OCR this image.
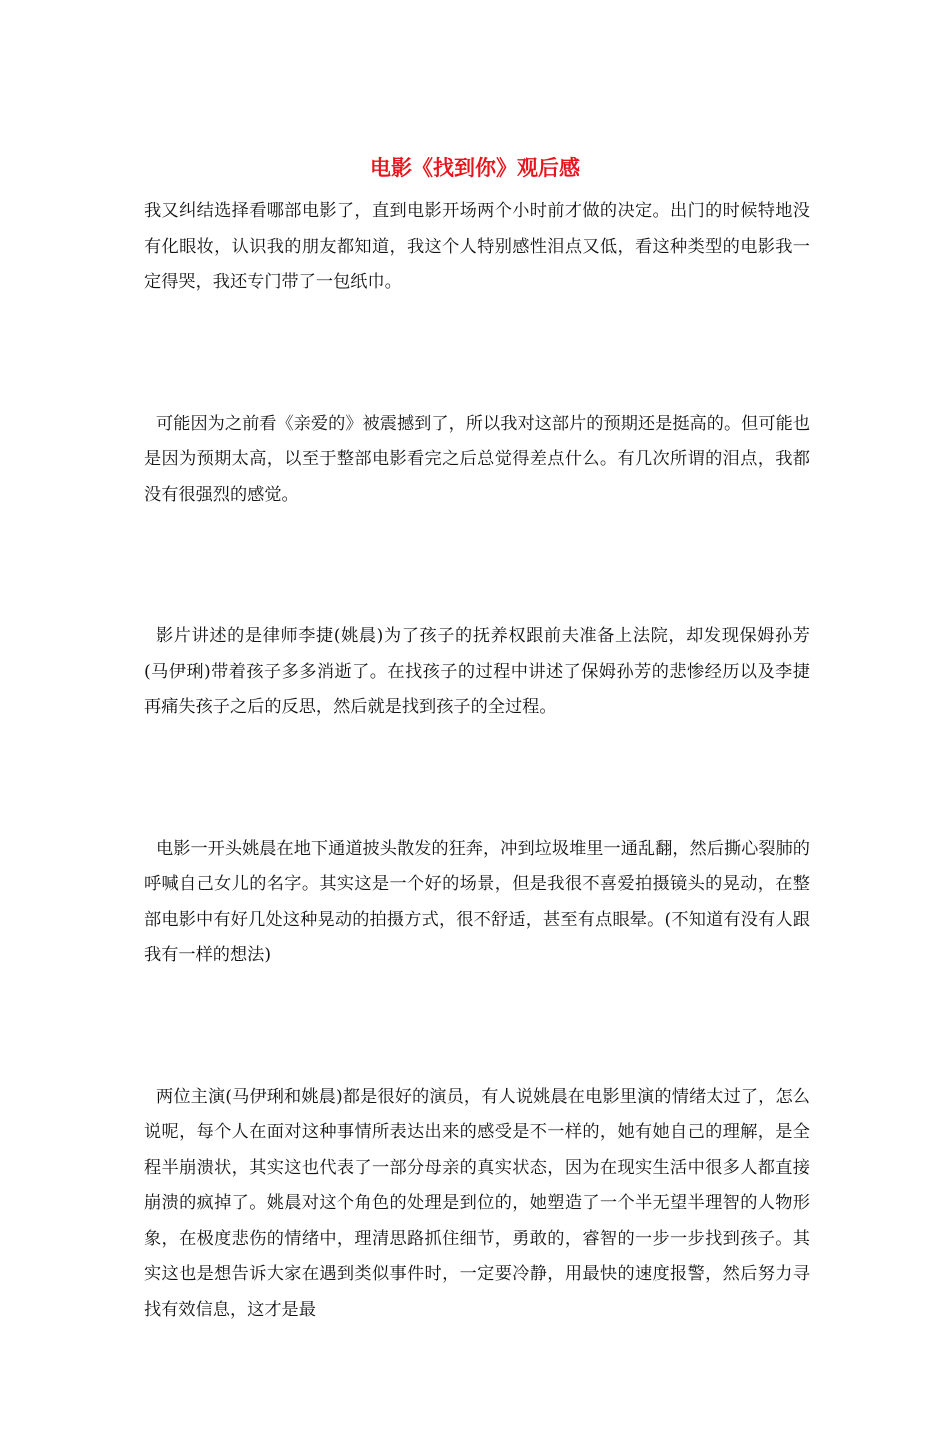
电影《找到你》观后感

我又纠结选择看哪部电影了，直到电影开场两个小时前才做的决定。出门的时候特地没有化眼妆，认识我的朋友都知道，我这个人特别感性泪点又低，看这种类型的电影我一定得哭，我还专门带了一包纸巾。

可能因为之前看《亲爱的》被震撼到了，所以我对这部片的预期还是挺高的。但可能也是因为预期太高，以至于整部电影看完之后总觉得差点什么。有几次所谓的泪点，我都没有很强烈的感觉。

影片讲述的是律师李捷(姚晨)为了孩子的抚养权跟前夫准备上法院，却发现保姆孙芳(马伊琍)带着孩子多多消逝了。在找孩子的过程中讲述了保姆孙芳的悲惨经历以及李捷再痛失孩子之后的反思，然后就是找到孩子的全过程。

电影一开头姚晨在地下通道披头散发的狂奔，冲到垃圾堆里一通乱翻，然后撕心裂肺的呼喊自己女儿的名字。其实这是一个好的场景，但是我很不喜爱拍摄镜头的晃动，在整部电影中有好几处这种晃动的拍摄方式，很不舒适，甚至有点眼晕。(不知道有没有人跟我有一样的想法)

两位主演(马伊琍和姚晨)都是很好的演员，有人说姚晨在电影里演的情绪太过了，怎么说呢，每个人在面对这种事情所表达出来的感受是不一样的，她有她自己的理解，是全程半崩溃状，其实这也代表了一部分母亲的真实状态，因为在现实生活中很多人都直接崩溃的疯掉了。姚晨对这个角色的处理是到位的，她塑造了一个半无望半理智的人物形象，在极度悲伤的情绪中，理清思路抓住细节，勇敢的，睿智的一步一步找到孩子。其实这也是想告诉大家在遇到类似事件时，一定要冷静，用最快的速度报警，然后努力寻找有效信息，这才是最
